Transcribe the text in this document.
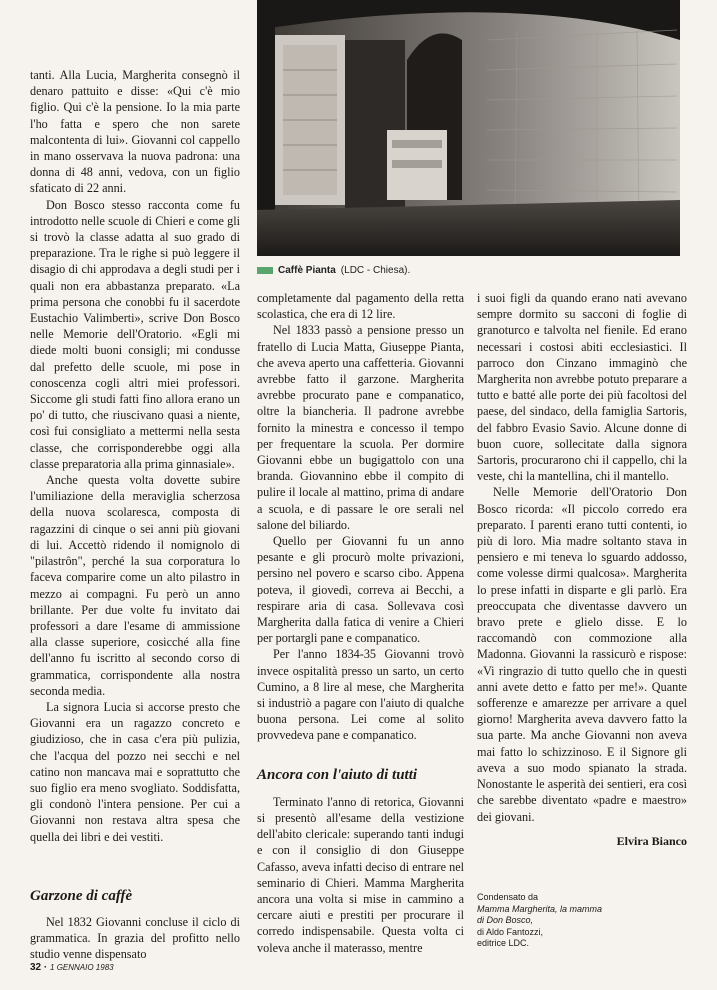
Caffè Pianta (LDC - Chiesa).

tanti. Alla Lucia, Margherita consegnò il denaro pattuito e disse: «Qui c'è mio figlio. Qui c'è la pensione. Io la mia parte l'ho fatta e spero che non sarete malcontenta di lui». Giovanni col cappello in mano osservava la nuova padrona: una donna di 48 anni, vedova, con un figlio sfaticato di 22 anni.

Don Bosco stesso racconta come fu introdotto nelle scuole di Chieri e come gli si trovò la classe adatta al suo grado di preparazione. Tra le righe si può leggere il disagio di chi approdava a degli studi per i quali non era abbastanza preparato. «La prima persona che conobbi fu il sacerdote Eustachio Valimberti», scrive Don Bosco nelle Memorie dell'Oratorio. «Egli mi diede molti buoni consigli; mi condusse dal prefetto delle scuole, mi pose in conoscenza cogli altri miei professori. Siccome gli studi fatti fino allora erano un po' di tutto, che riuscivano quasi a niente, così fui consigliato a mettermi nella sesta classe, che corrisponderebbe oggi alla classe preparatoria alla prima ginnasiale».

Anche questa volta dovette subire l'umiliazione della meraviglia scherzosa della nuova scolaresca, composta di ragazzini di cinque o sei anni più giovani di lui. Accettò ridendo il nomignolo di "pilastrôn", perché la sua corporatura lo faceva comparire come un alto pilastro in mezzo ai compagni. Fu però un anno brillante. Per due volte fu invitato dai professori a dare l'esame di ammissione alla classe superiore, cosicché alla fine dell'anno fu iscritto al secondo corso di grammatica, corrispondente alla nostra seconda media.

La signora Lucia si accorse presto che Giovanni era un ragazzo concreto e giudizioso, che in casa c'era più pulizia, che l'acqua del pozzo nei secchi e nel catino non mancava mai e soprattutto che suo figlio era meno svogliato. Soddisfatta, gli condonò l'intera pensione. Per cui a Giovanni non restava altra spesa che quella dei libri e dei vestiti.

Garzone di caffè

Nel 1832 Giovanni concluse il ciclo di grammatica. In grazia del profitto nello studio venne dispensato

completamente dal pagamento della retta scolastica, che era di 12 lire.

Nel 1833 passò a pensione presso un fratello di Lucia Matta, Giuseppe Pianta, che aveva aperto una caffetteria. Giovanni avrebbe fatto il garzone. Margherita avrebbe procurato pane e companatico, oltre la biancheria. Il padrone avrebbe fornito la minestra e concesso il tempo per frequentare la scuola. Per dormire Giovanni ebbe un bugigattolo con una branda. Giovannino ebbe il compito di pulire il locale al mattino, prima di andare a scuola, e di passare le ore serali nel salone del biliardo.

Quello per Giovanni fu un anno pesante e gli procurò molte privazioni, persino nel povero e scarso cibo. Appena poteva, il giovedì, correva ai Becchi, a respirare aria di casa. Sollevava così Margherita dalla fatica di venire a Chieri per portargli pane e companatico.

Per l'anno 1834-35 Giovanni trovò invece ospitalità presso un sarto, un certo Cumino, a 8 lire al mese, che Margherita si industriò a pagare con l'aiuto di qualche buona persona. Lei come al solito provvedeva pane e companatico.

Ancora con l'aiuto di tutti

Terminato l'anno di retorica, Giovanni si presentò all'esame della vestizione dell'abito clericale: superando tanti indugi e con il consiglio di don Giuseppe Cafasso, aveva infatti deciso di entrare nel seminario di Chieri. Mamma Margherita ancora una volta si mise in cammino a cercare aiuti e prestiti per procurare il corredo indispensabile. Questa volta ci voleva anche il materasso, mentre

i suoi figli da quando erano nati avevano sempre dormito su sacconi di foglie di granoturco e talvolta nel fienile. Ed erano necessari i costosi abiti ecclesiastici. Il parroco don Cinzano immaginò che Margherita non avrebbe potuto preparare a tutto e batté alle porte dei più facoltosi del paese, del sindaco, della famiglia Sartoris, del fabbro Evasio Savio. Alcune donne di buon cuore, sollecitate dalla signora Sartoris, procurarono chi il cappello, chi la veste, chi la mantellina, chi il mantello.

Nelle Memorie dell'Oratorio Don Bosco ricorda: «Il piccolo corredo era preparato. I parenti erano tutti contenti, io più di loro. Mia madre soltanto stava in pensiero e mi teneva lo sguardo addosso, come volesse dirmi qualcosa». Margherita lo prese infatti in disparte e gli parlò. Era preoccupata che diventasse davvero un bravo prete e glielo disse. E lo raccomandò con commozione alla Madonna. Giovanni la rassicurò e rispose: «Vi ringrazio di tutto quello che in questi anni avete detto e fatto per me!». Quante sofferenze e amarezze per arrivare a quel giorno! Margherita aveva davvero fatto la sua parte. Ma anche Giovanni non aveva mai fatto lo schizzinoso. E il Signore gli aveva a suo modo spianato la strada. Nonostante le asperità dei sentieri, era così che sarebbe diventato «padre e maestro» dei giovani.

Elvira Bianco

Condensato da
Mamma Margherita, la mamma
di Don Bosco,
di Aldo Fantozzi,
editrice LDC.
32 · 1 GENNAIO 1983
